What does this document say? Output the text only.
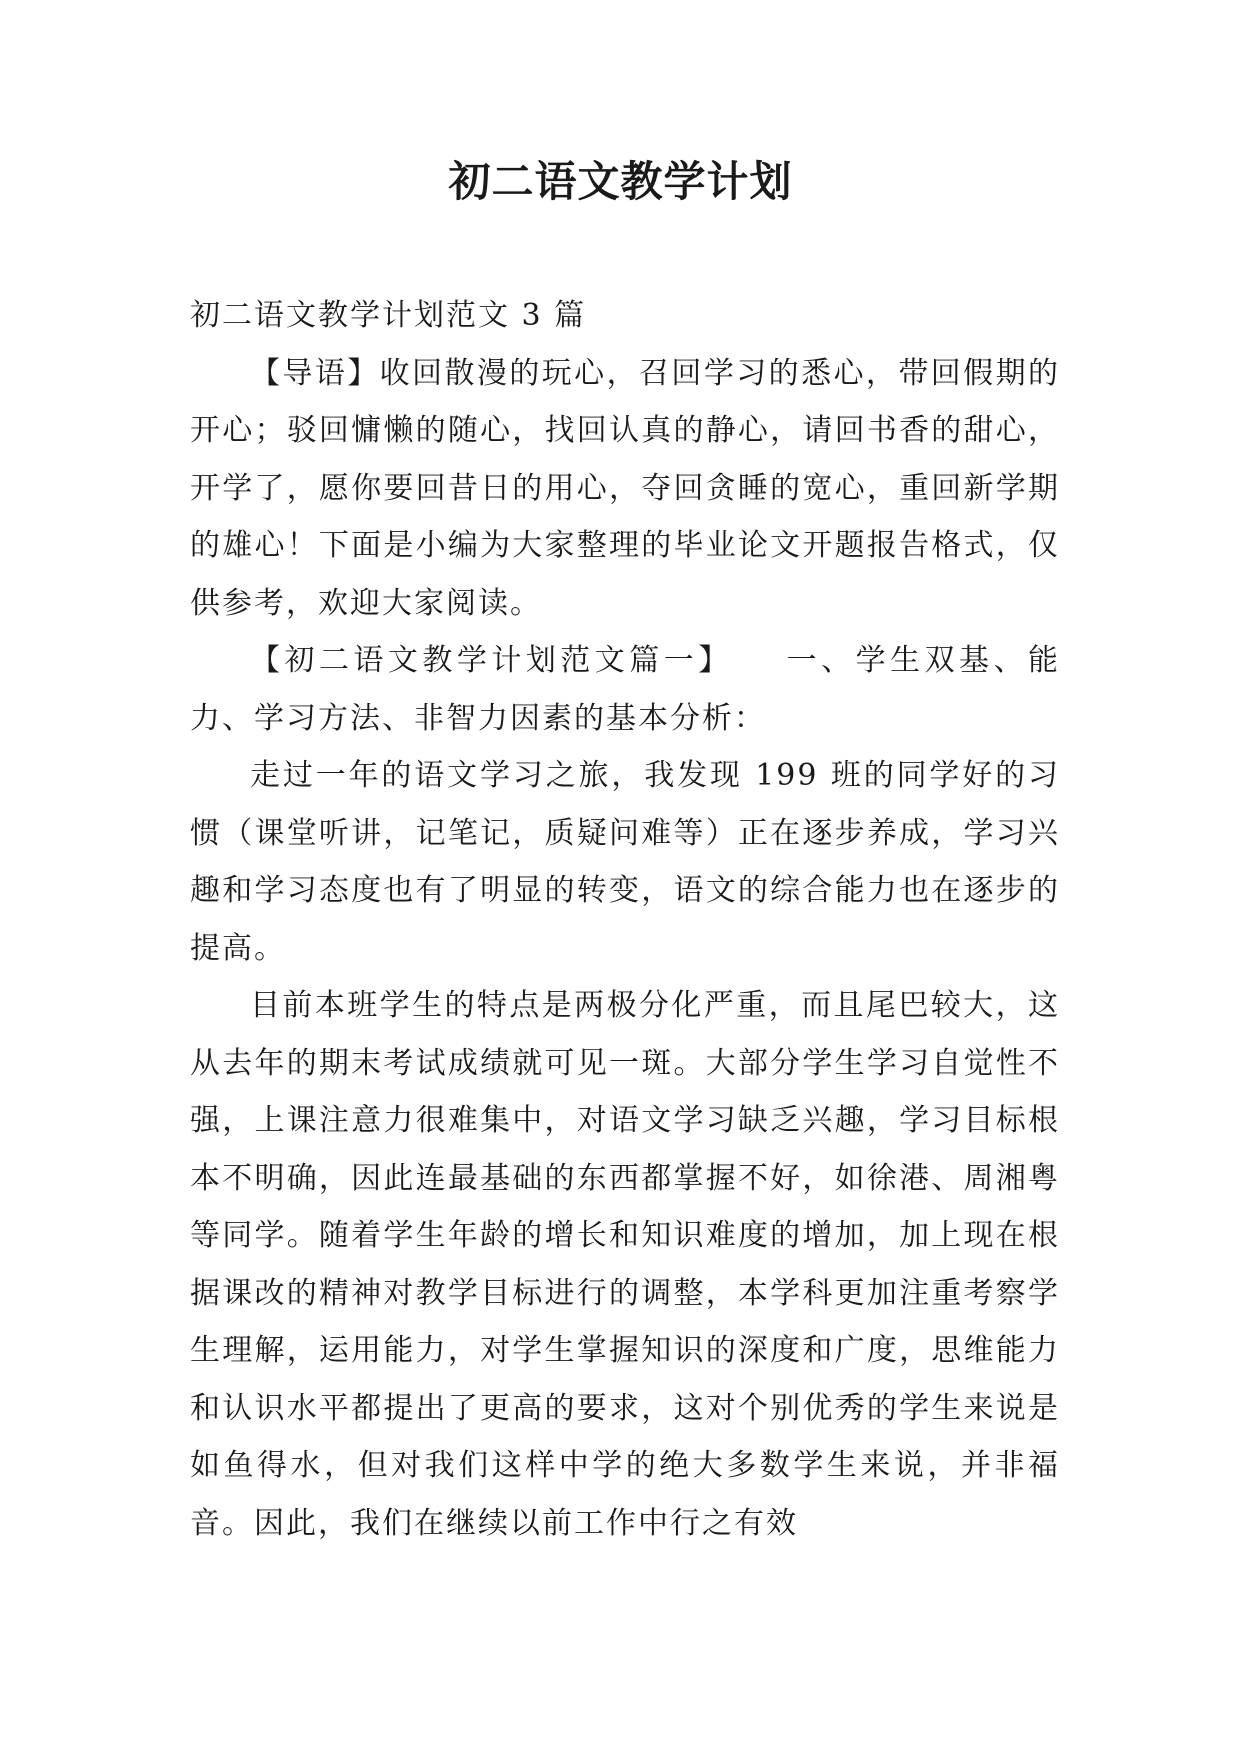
初二语文教学计划

初二语文教学计划范文 3 篇

【导语】收回散漫的玩心，召回学习的悉心，带回假期的开心；驳回慵懒的随心，找回认真的静心，请回书香的甜心，开学了，愿你要回昔日的用心，夺回贪睡的宽心，重回新学期的雄心！下面是小编为大家整理的毕业论文开题报告格式，仅供参考，欢迎大家阅读。

【初二语文教学计划范文篇一】　　一、学生双基、能力、学习方法、非智力因素的基本分析：

走过一年的语文学习之旅，我发现 199 班的同学好的习惯（课堂听讲，记笔记，质疑问难等）正在逐步养成，学习兴趣和学习态度也有了明显的转变，语文的综合能力也在逐步的提高。

目前本班学生的特点是两极分化严重，而且尾巴较大，这从去年的期末考试成绩就可见一斑。大部分学生学习自觉性不强，上课注意力很难集中，对语文学习缺乏兴趣，学习目标根本不明确，因此连最基础的东西都掌握不好，如徐港、周湘粤等同学。随着学生年龄的增长和知识难度的增加，加上现在根据课改的精神对教学目标进行的调整，本学科更加注重考察学生理解，运用能力，对学生掌握知识的深度和广度，思维能力和认识水平都提出了更高的要求，这对个别优秀的学生来说是如鱼得水，但对我们这样中学的绝大多数学生来说，并非福音。因此，我们在继续以前工作中行之有效
